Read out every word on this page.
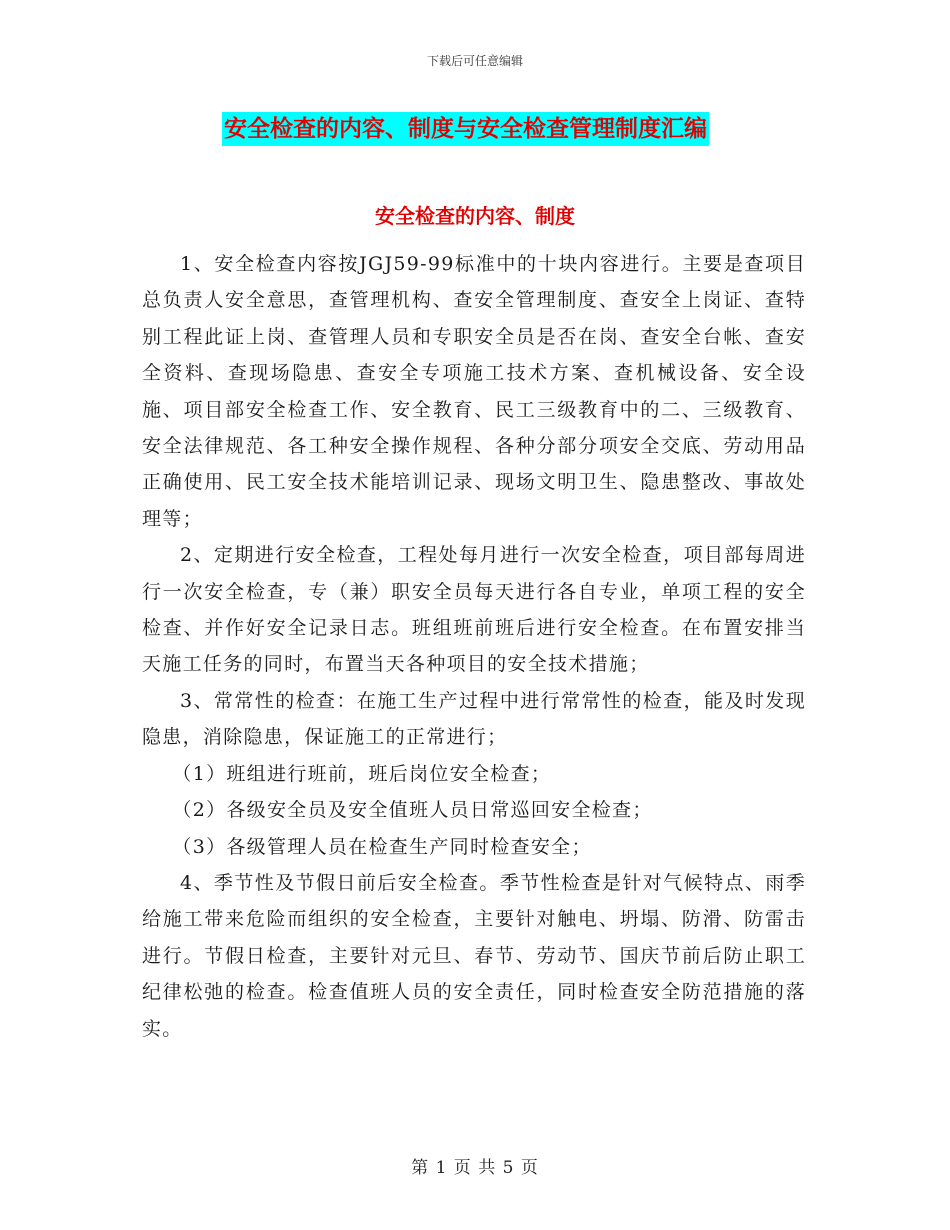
下载后可任意编辑
安全检查的内容、制度与安全检查管理制度汇编
安全检查的内容、制度

1、安全检查内容按JGJ59-99标准中的十块内容进行。主要是查项目总负责人安全意思，查管理机构、查安全管理制度、查安全上岗证、查特别工程此证上岗、查管理人员和专职安全员是否在岗、查安全台帐、查安全资料、查现场隐患、查安全专项施工技术方案、查机械设备、安全设施、项目部安全检查工作、安全教育、民工三级教育中的二、三级教育、安全法律规范、各工种安全操作规程、各种分部分项安全交底、劳动用品正确使用、民工安全技术能培训记录、现场文明卫生、隐患整改、事故处理等；

2、定期进行安全检查，工程处每月进行一次安全检查，项目部每周进行一次安全检查，专（兼）职安全员每天进行各自专业，单项工程的安全检查、并作好安全记录日志。班组班前班后进行安全检查。在布置安排当天施工任务的同时，布置当天各种项目的安全技术措施；

3、常常性的检查：在施工生产过程中进行常常性的检查，能及时发现隐患，消除隐患，保证施工的正常进行；

（1）班组进行班前，班后岗位安全检查；

（2）各级安全员及安全值班人员日常巡回安全检查；

（3）各级管理人员在检查生产同时检查安全；

4、季节性及节假日前后安全检查。季节性检查是针对气候特点、雨季给施工带来危险而组织的安全检查，主要针对触电、坍塌、防滑、防雷击进行。节假日检查，主要针对元旦、春节、劳动节、国庆节前后防止职工纪律松弛的检查。检查值班人员的安全责任，同时检查安全防范措施的落实。

第 1 页 共 5 页
